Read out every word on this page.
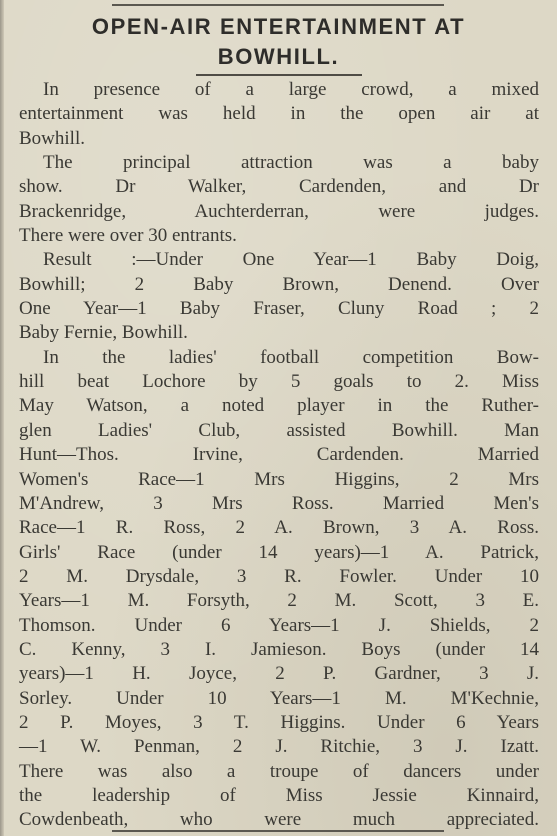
OPEN-AIR ENTERTAINMENT AT
BOWHILL.
In presence of a large crowd, a mixed
entertainment was held in the open air at
Bowhill.
The principal attraction was a baby
show. Dr Walker, Cardenden, and Dr
Brackenridge, Auchterderran, were judges.
There were over 30 entrants.
Result :—Under One Year—1 Baby Doig,
Bowhill; 2 Baby Brown, Denend. Over
One Year—1 Baby Fraser, Cluny Road ; 2
Baby Fernie, Bowhill.
In the ladies' football competition Bow-
hill beat Lochore by 5 goals to 2. Miss
May Watson, a noted player in the Ruther-
glen Ladies' Club, assisted Bowhill. Man
Hunt—Thos. Irvine, Cardenden. Married
Women's Race—1 Mrs Higgins, 2 Mrs
M'Andrew, 3 Mrs Ross. Married Men's
Race—1 R. Ross, 2 A. Brown, 3 A. Ross.
Girls' Race (under 14 years)—1 A. Patrick,
2 M. Drysdale, 3 R. Fowler. Under 10
Years—1 M. Forsyth, 2 M. Scott, 3 E.
Thomson. Under 6 Years—1 J. Shields, 2
C. Kenny, 3 I. Jamieson. Boys (under 14
years)—1 H. Joyce, 2 P. Gardner, 3 J.
Sorley. Under 10 Years—1 M. M'Kechnie,
2 P. Moyes, 3 T. Higgins. Under 6 Years
—1 W. Penman, 2 J. Ritchie, 3 J. Izatt.
There was also a troupe of dancers under
the leadership of Miss Jessie Kinnaird,
Cowdenbeath, who were much appreciated.
